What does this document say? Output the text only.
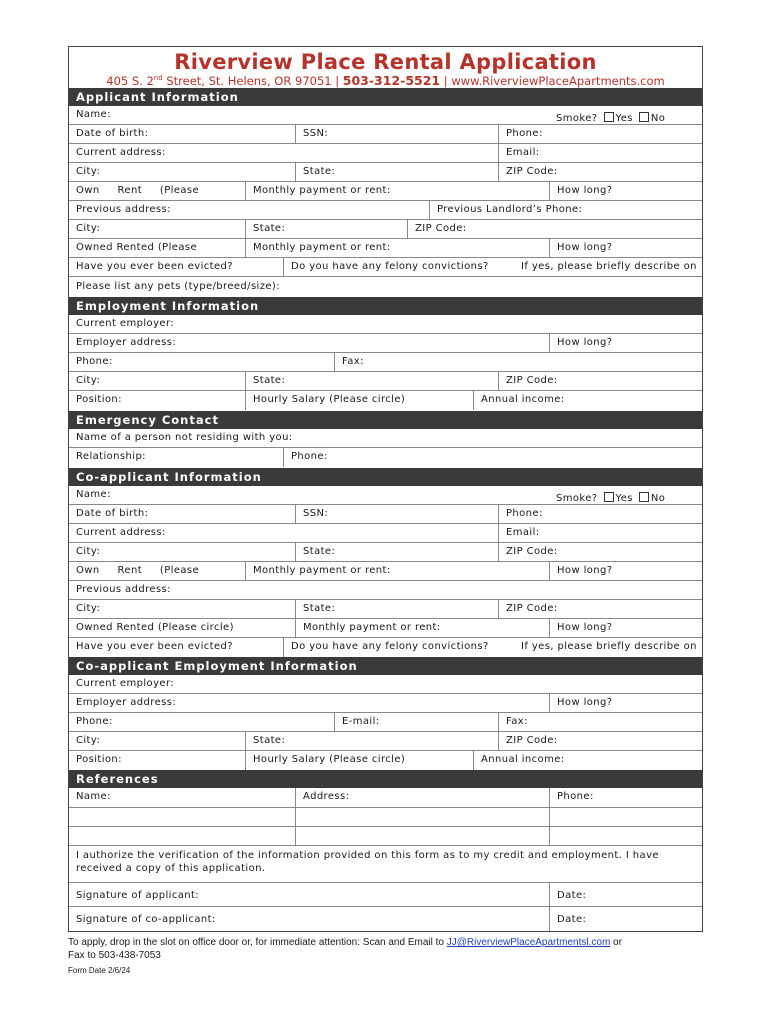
Riverview Place Rental Application
405 S. 2nd Street, St. Helens, OR 97051 | 503-312-5521 | www.RiverviewPlaceApartments.com
Applicant Information
Name:	Smoke? Yes No
Date of birth:	SSN:	Phone:
Current address:	Email:
City:	State:	ZIP Code:
Own Rent (Please	Monthly payment or rent:	How long?
Previous address:	Previous Landlord’s Phone:
City:	State:	ZIP Code:
Owned Rented (Please	Monthly payment or rent:	How long?
Have you ever been evicted?	Do you have any felony convictions?	If yes, please briefly describe on
Please list any pets (type/breed/size):
Employment Information
Current employer:
Employer address:	How long?
Phone:	Fax:
City:	State:	ZIP Code:
Position:	Hourly Salary (Please circle)	Annual income:
Emergency Contact
Name of a person not residing with you:
Relationship:	Phone:
Co-applicant Information
Name:	Smoke? Yes No
Date of birth:	SSN:	Phone:
Current address:	Email:
City:	State:	ZIP Code:
Own Rent (Please	Monthly payment or rent:	How long?
Previous address:
City:	State:	ZIP Code:
Owned Rented (Please circle)	Monthly payment or rent:	How long?
Have you ever been evicted?	Do you have any felony convictions?	If yes, please briefly describe on
Co-applicant Employment Information
Current employer:
Employer address:	How long?
Phone:	E-mail:	Fax:
City:	State:	ZIP Code:
Position:	Hourly Salary (Please circle)	Annual income:
References
Name:	Address:	Phone:
I authorize the verification of the information provided on this form as to my credit and employment. I have received a copy of this application.
Signature of applicant:	Date:
Signature of co-applicant:	Date:
To apply, drop in the slot on office door or, for immediate attention: Scan and Email to JJ@RiverviewPlaceApartmentsl.com or
Fax to 503-438-7053
Form Date 2/6/24
